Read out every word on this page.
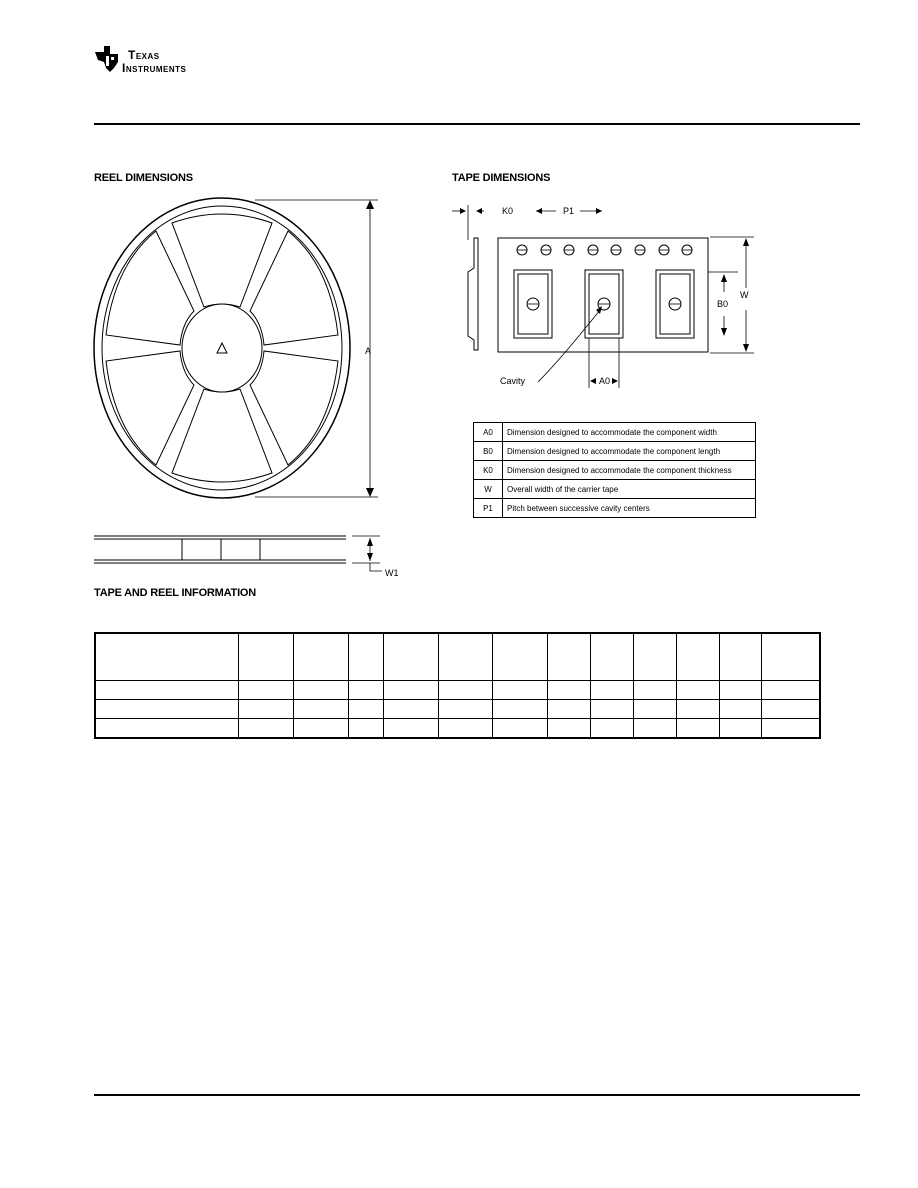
Texas
Instruments
REEL DIMENSIONS	TAPE DIMENSIONS
A
W1
K0	P1
B0
W
A0
Cavity
A0	Dimension designed to accommodate the component width
B0	Dimension designed to accommodate the component length
K0	Dimension designed to accommodate the component thickness
W	Overall width of the carrier tape
P1	Pitch between successive cavity centers
TAPE AND REEL INFORMATION
